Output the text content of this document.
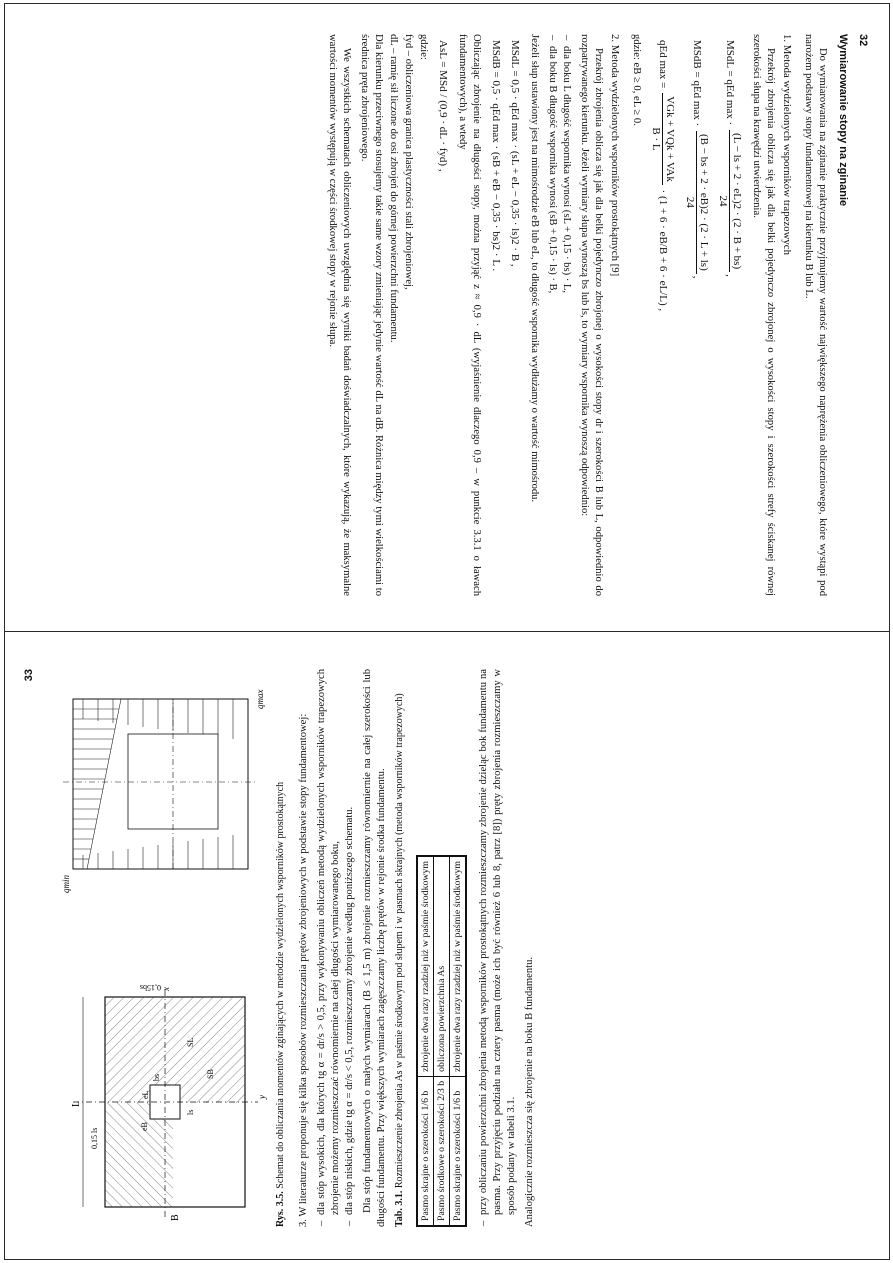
32
Wymiarowanie stopy na zginanie

Do wymiarowania na zginanie praktycznie przyjmujemy wartość największego naprężenia obliczeniowego, które wystąpi pod narożem podstawy stopy fundamentowej na kierunku B lub L.

1. Metoda wydzielonych wsporników trapezowych

Przekrój zbrojenia oblicza się jak dla belki pojedynczo zbrojonej o wysokości stopy i szerokości strefy ściskanej równej szerokości słupa na krawędzi utwierdzenia.

MSdL = qEd max ·
(L − ls + 2 · eL)2 · (2 · B + bs)
24
,
MSdB = qEd max ·
(B − bs + 2 · eB)2 · (2 · L + ls)
24
,
qEd max =
VGk + VQk + VAk
B · L
· (1 + 6 · eB/B + 6 · eL/L) ,

gdzie: eB ≥ 0, eL ≥ 0.

2. Metoda wydzielonych wsporników prostokątnych [9]

Przekrój zbrojenia oblicza się jak dla belki pojedynczo zbrojonej o wysokości stopy dr i szerokości B lub L, odpowiednio do rozpatrywanego kierunku. Jeżeli wymiary słupa wynoszą bs lub ls, to wymiary wspornika wynoszą odpowiednio:

– dla boku L długość wspornika wynosi (sL + 0,15 · bs) · L,
– dla boku B długość wspornika wynosi (sB + 0,15 · ls) · B,

Jeżeli słup ustawiony jest na mimośrodzie eB lub eL, to długość wspornika wydłużamy o wartość mimośrodu.

MSdL = 0,5 · qEd max · (sL + eL − 0,35 · ls)2 · B ,
MSdB = 0,5 · qEd max · (sB + eB − 0,35 · bs)2 · L .

Obliczając zbrojenie na długości stopy, można przyjąć z ≈ 0,9 · dL (wyjaśnienie dlaczego 0,9 – w punkcie 3.3.1 o ławach fundamentowych), a wtedy

AsL = MSd / (0,9 · dL · fyd) ,

gdzie:

fyd – obliczeniowa granica plastyczności stali zbrojeniowej,

dL – ramię sił liczone do osi zbrojeń do górnej powierzchni fundamentu.

Dla kierunku przeciwnego stosujemy takie same wzory zmieniając jedynie wartość dL na dB. Różnica między tymi wielkościami to średnica pręta zbrojeniowego.

We wszystkich schematach obliczeniowych uwzględnia się wyniki badań doświadczalnych, które wykazują, że maksymalne wartości momentów występują w części środkowej stopy w rejonie słupa.

33
L
0,15 ls
0,15bs
B
bs	SB
eB
eL
ls
SL
x
y
qmin
qmax
Rys. 3.5. Schemat do obliczania momentów zginających w metodzie wydzielonych wsporników prostokątnych 3. W literaturze proponuje się kilka sposobów rozmieszczania prętów zbrojeniowych w podstawie stopy fundamentowej: – dla stóp wysokich, dla których tg α = dr/s > 0,5, przy wykonywaniu obliczeń metodą wydzielonych wsporników trapezowych zbrojenie możemy rozmieszczać równomiernie na całej długości wymiarowanego boku, – dla stóp niskich, gdzie tg α = dr/s < 0,5, rozmieszczamy zbrojenie według poniższego schematu. Dla stóp fundamentowych o małych wymiarach (B ≤ 1,5 m) zbrojenie rozmieszczamy równomiernie na całej szerokości lub długości fundamentu. Przy większych wymiarach zagęszczamy liczbę prętów w rejonie środka fundamentu. Tab. 3.1. Rozmieszczenie zbrojenia As w paśmie środkowym pod słupem i w pasmach skrajnych (metoda wsporników trapezowych) Pasmo skrajne o szerokości 1/6 b	zbrojenie dwa razy rzadziej niż w paśmie środkowym
Pasmo środkowe o szerokości 2/3 b	obliczona powierzchnia As
Pasmo skrajne o szerokości 1/6 b	zbrojenie dwa razy rzadziej niż w paśmie środkowym – przy obliczaniu powierzchni zbrojenia metodą wsporników prostokątnych rozmieszczamy zbrojenie dzieląc bok fundamentu na pasma. Przy przyjęciu podziału na cztery pasma (może ich być również 6 lub 8, patrz [8]) pręty zbrojenia rozmieszczamy w sposób podany w tabeli 3.1. Analogicznie rozmieszcza się zbrojenie na boku B fundamentu.
